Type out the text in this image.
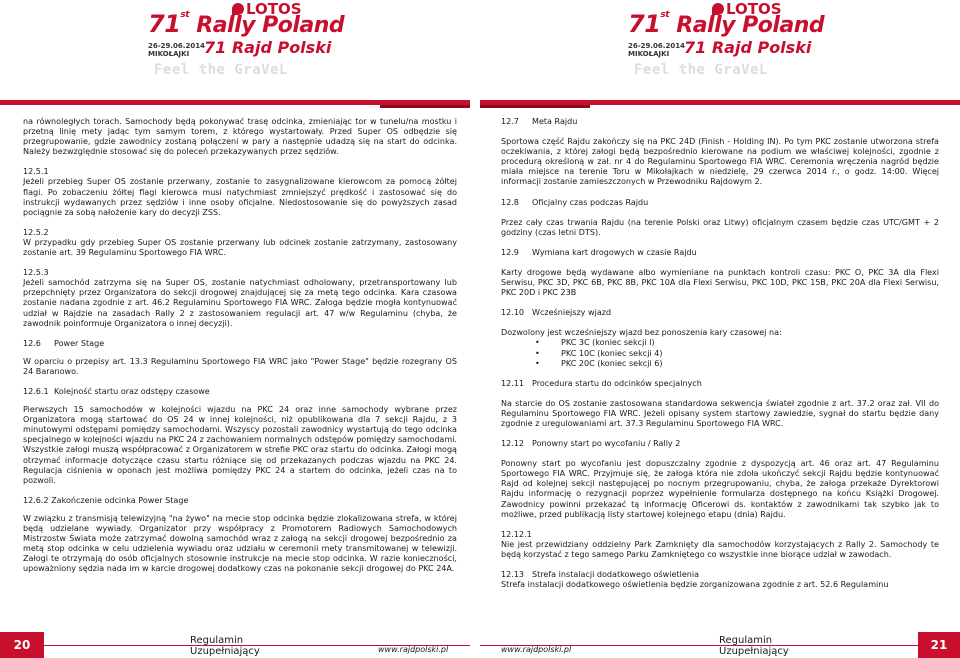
LOTOS
71st Rally Poland
26-29.06.2014
MIKOŁAJKI 71 Rajd Polski
Feel the GraVeL

na równoległych torach. Samochody będą pokonywać trasę odcinka, zmieniając tor w tunelu/na mostku i przetną linię mety jadąc tym samym torem, z którego wystartowały. Przed Super OS odbędzie się przegrupowanie, gdzie zawodnicy zostaną połączeni w pary a następnie udadzą się na start do odcinka. Należy bezwzględnie stosować się do poleceń przekazywanych przez sędziów.

12.5.1

Jeżeli przebieg Super OS zostanie przerwany, zostanie to zasygnalizowane kierowcom za pomocą żółtej flagi. Po zobaczeniu żółtej flagi kierowca musi natychmiast zmniejszyć prędkość i zastosować się do instrukcji wydawanych przez sędziów i inne osoby oficjalne. Niedostosowanie się do powyższych zasad pociągnie za sobą nałożenie kary do decyzji ZSS.

12.5.2

W przypadku gdy przebieg Super OS zostanie przerwany lub odcinek zostanie zatrzymany, zastosowany zostanie art. 39 Regulaminu Sportowego FIA WRC.

12.5.3

Jeżeli samochód zatrzyma się na Super OS, zostanie natychmiast odholowany, przetransportowany lub przepchnięty przez Organizatora do sekcji drogowej znajdującej się za metą tego odcinka. Kara czasowa zostanie nadana zgodnie z art. 46.2 Regulaminu Sportowego FIA WRC. Załoga będzie mogła kontynuować udział w Rajdzie na zasadach Rally 2 z zastosowaniem regulacji art. 47 w/w Regulaminu (chyba, że zawodnik poinformuje Organizatora o innej decyzji).

12.6 Power Stage

W oparciu o przepisy art. 13.3 Regulaminu Sportowego FIA WRC jako "Power Stage" będzie rozegrany OS 24 Baranowo.

12.6.1 Kolejność startu oraz odstępy czasowe

Pierwszych 15 samochodów w kolejności wjazdu na PKC 24 oraz inne samochody wybrane przez Organizatora mogą startować do OS 24 w innej kolejności, niż opublikowana dla 7 sekcji Rajdu, z 3 minutowymi odstępami pomiędzy samochodami. Wszyscy pozostali zawodnicy wystartują do tego odcinka specjalnego w kolejności wjazdu na PKC 24 z zachowaniem normalnych odstępów pomiędzy samochodami. Wszystkie załogi muszą współpracować z Organizatorem w strefie PKC oraz startu do odcinka. Załogi mogą otrzymać informacje dotyczące czasu startu różniące się od przekazanych podczas wjazdu na PKC 24. Regulacja ciśnienia w oponach jest możliwa pomiędzy PKC 24 a startem do odcinka, jeżeli czas na to pozwoli.

12.6.2 Zakończenie odcinka Power Stage

W związku z transmisją telewizyjną "na żywo" na mecie stop odcinka będzie zlokalizowana strefa, w której będą udzielane wywiady. Organizator przy współpracy z Promotorem Radiowych Samochodowych Mistrzostw Świata może zatrzymać dowolną samochód wraz z załogą na sekcji drogowej bezpośrednio za metą stop odcinka w celu udzielenia wywiadu oraz udziału w ceremonii mety transmitowanej w telewizji. Załogi te otrzymają do osób oficjalnych stosownie instrukcje na mecie stop odcinka. W razie konieczności, upoważniony sędzia nada im w karcie drogowej dodatkowy czas na pokonanie sekcji drogowej do PKC 24A.

20	Regulamin
Uzupełniający	www.rajdpolski.pl
LOTOS
71st Rally Poland
26-29.06.2014
MIKOŁAJKI 71 Rajd Polski
Feel the GraVeL

12.7 Meta Rajdu

Sportowa część Rajdu zakończy się na PKC 24D (Finish - Holding IN). Po tym PKC zostanie utworzona strefa oczekiwania, z której załogi będą bezpośrednio kierowane na podium we właściwej kolejności, zgodnie z procedurą określoną w zał. nr 4 do Regulaminu Sportowego FIA WRC. Ceremonia wręczenia nagród będzie miała miejsce na terenie Toru w Mikołajkach w niedzielę, 29 czerwca 2014 r., o godz. 14:00. Więcej informacji zostanie zamieszczonych w Przewodniku Rajdowym 2.

12.8 Oficjalny czas podczas Rajdu

Przez cały czas trwania Rajdu (na terenie Polski oraz Litwy) oficjalnym czasem będzie czas UTC/GMT + 2 godziny (czas letni DTS).

12.9 Wymiana kart drogowych w czasie Rajdu

Karty drogowe będą wydawane albo wymieniane na punktach kontroli czasu: PKC O, PKC 3A dla Flexi Serwisu, PKC 3D, PKC 6B, PKC 8B, PKC 10A dla Flexi Serwisu, PKC 10D, PKC 15B, PKC 20A dla Flexi Serwisu, PKC 20D i PKC 23B

12.10 Wcześniejszy wjazd

Dozwolony jest wcześniejszy wjazd bez ponoszenia kary czasowej na:

• PKC 3C (koniec sekcji I)
• PKC 10C (koniec sekcji 4)
• PKC 20C (koniec sekcji 6)

12.11 Procedura startu do odcinków specjalnych

Na starcie do OS zostanie zastosowana standardowa sekwencja świateł zgodnie z art. 37.2 oraz zał. VII do Regulaminu Sportowego FIA WRC. Jeżeli opisany system startowy zawiedzie, sygnał do startu będzie dany zgodnie z uregulowaniami art. 37.3 Regulaminu Sportowego FIA WRC.

12.12 Ponowny start po wycofaniu / Rally 2

Ponowny start po wycofaniu jest dopuszczalny zgodnie z dyspozycją art. 46 oraz art. 47 Regulaminu Sportowego FIA WRC. Przyjmuje się, że załoga która nie zdoła ukończyć sekcji Rajdu będzie kontynuować Rajd od kolejnej sekcji następującej po nocnym przegrupowaniu, chyba, że załoga przekaże Dyrektorowi Rajdu informację o rezygnacji poprzez wypełnienie formularza dostępnego na końcu Książki Drogowej. Zawodnicy powinni przekazać tą informację Oficerowi ds. kontaktów z zawodnikami tak szybko jak to możliwe, przed publikacją listy startowej kolejnego etapu (dnia) Rajdu.

12.12.1

Nie jest przewidziany oddzielny Park Zamknięty dla samochodów korzystających z Rally 2. Samochody te będą korzystać z tego samego Parku Zamkniętego co wszystkie inne biorące udział w zawodach.

12.13 Strefa instalacji dodatkowego oświetlenia

Strefa instalacji dodatkowego oświetlenia będzie zorganizowana zgodnie z art. 52.6 Regulaminu

21
Regulamin
Uzupełniający
www.rajdpolski.pl
